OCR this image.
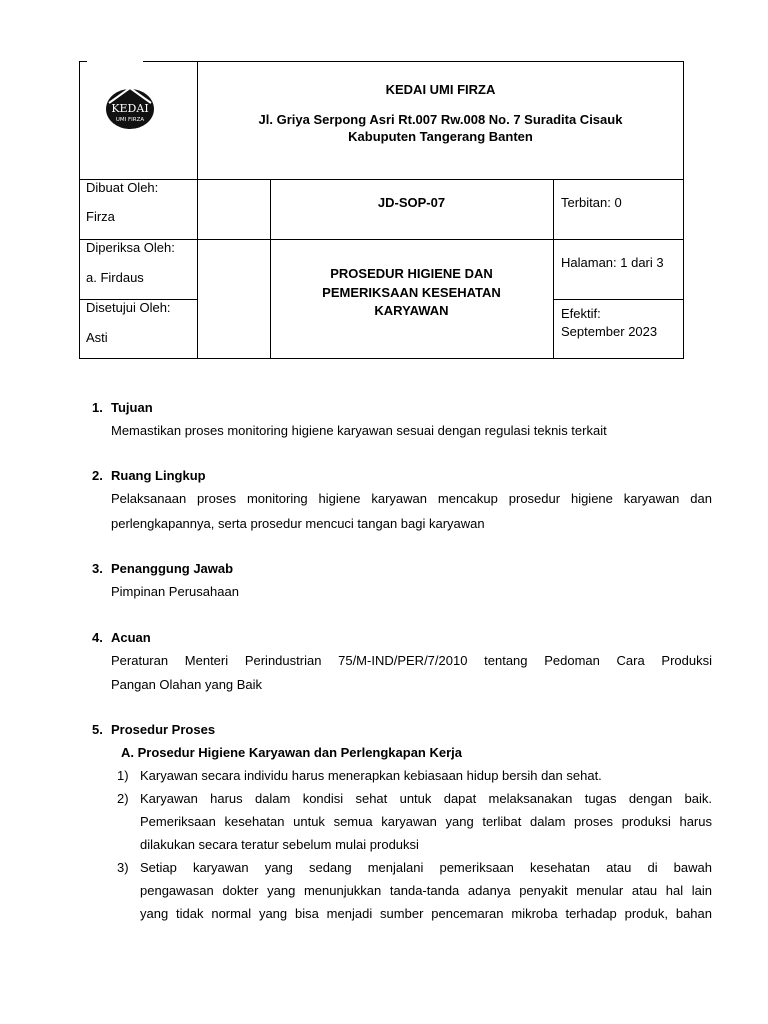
KEDAI
UMI FIRZA
KEDAI UMI FIRZA
Jl. Griya Serpong Asri Rt.007 Rw.008 No. 7 Suradita Cisauk
Kabuputen Tangerang Banten
Dibuat Oleh:
Firza
Diperiksa Oleh:
a. Firdaus
Disetujui Oleh:
Asti
JD-SOP-07
PROSEDUR HIGIENE DAN
PEMERIKSAAN KESEHATAN
KARYAWAN
Terbitan: 0
Halaman: 1 dari 3
Efektif:
September 2023
1. Tujuan
Memastikan proses monitoring higiene karyawan sesuai dengan regulasi teknis terkait
2. Ruang Lingkup
Pelaksanaan proses monitoring higiene karyawan mencakup prosedur higiene karyawan dan
perlengkapannya, serta prosedur mencuci tangan bagi karyawan
3. Penanggung Jawab
Pimpinan Perusahaan
4. Acuan
Peraturan Menteri Perindustrian 75/M-IND/PER/7/2010 tentang Pedoman Cara Produksi
Pangan Olahan yang Baik
5. Prosedur Proses
A. Prosedur Higiene Karyawan dan Perlengkapan Kerja
1) Karyawan secara individu harus menerapkan kebiasaan hidup bersih dan sehat.
2) Karyawan harus dalam kondisi sehat untuk dapat melaksanakan tugas dengan baik.
Pemeriksaan kesehatan untuk semua karyawan yang terlibat dalam proses produksi harus
dilakukan secara teratur sebelum mulai produksi
3) Setiap karyawan yang sedang menjalani pemeriksaan kesehatan atau di bawah
pengawasan dokter yang menunjukkan tanda-tanda adanya penyakit menular atau hal lain
yang tidak normal yang bisa menjadi sumber pencemaran mikroba terhadap produk, bahan
